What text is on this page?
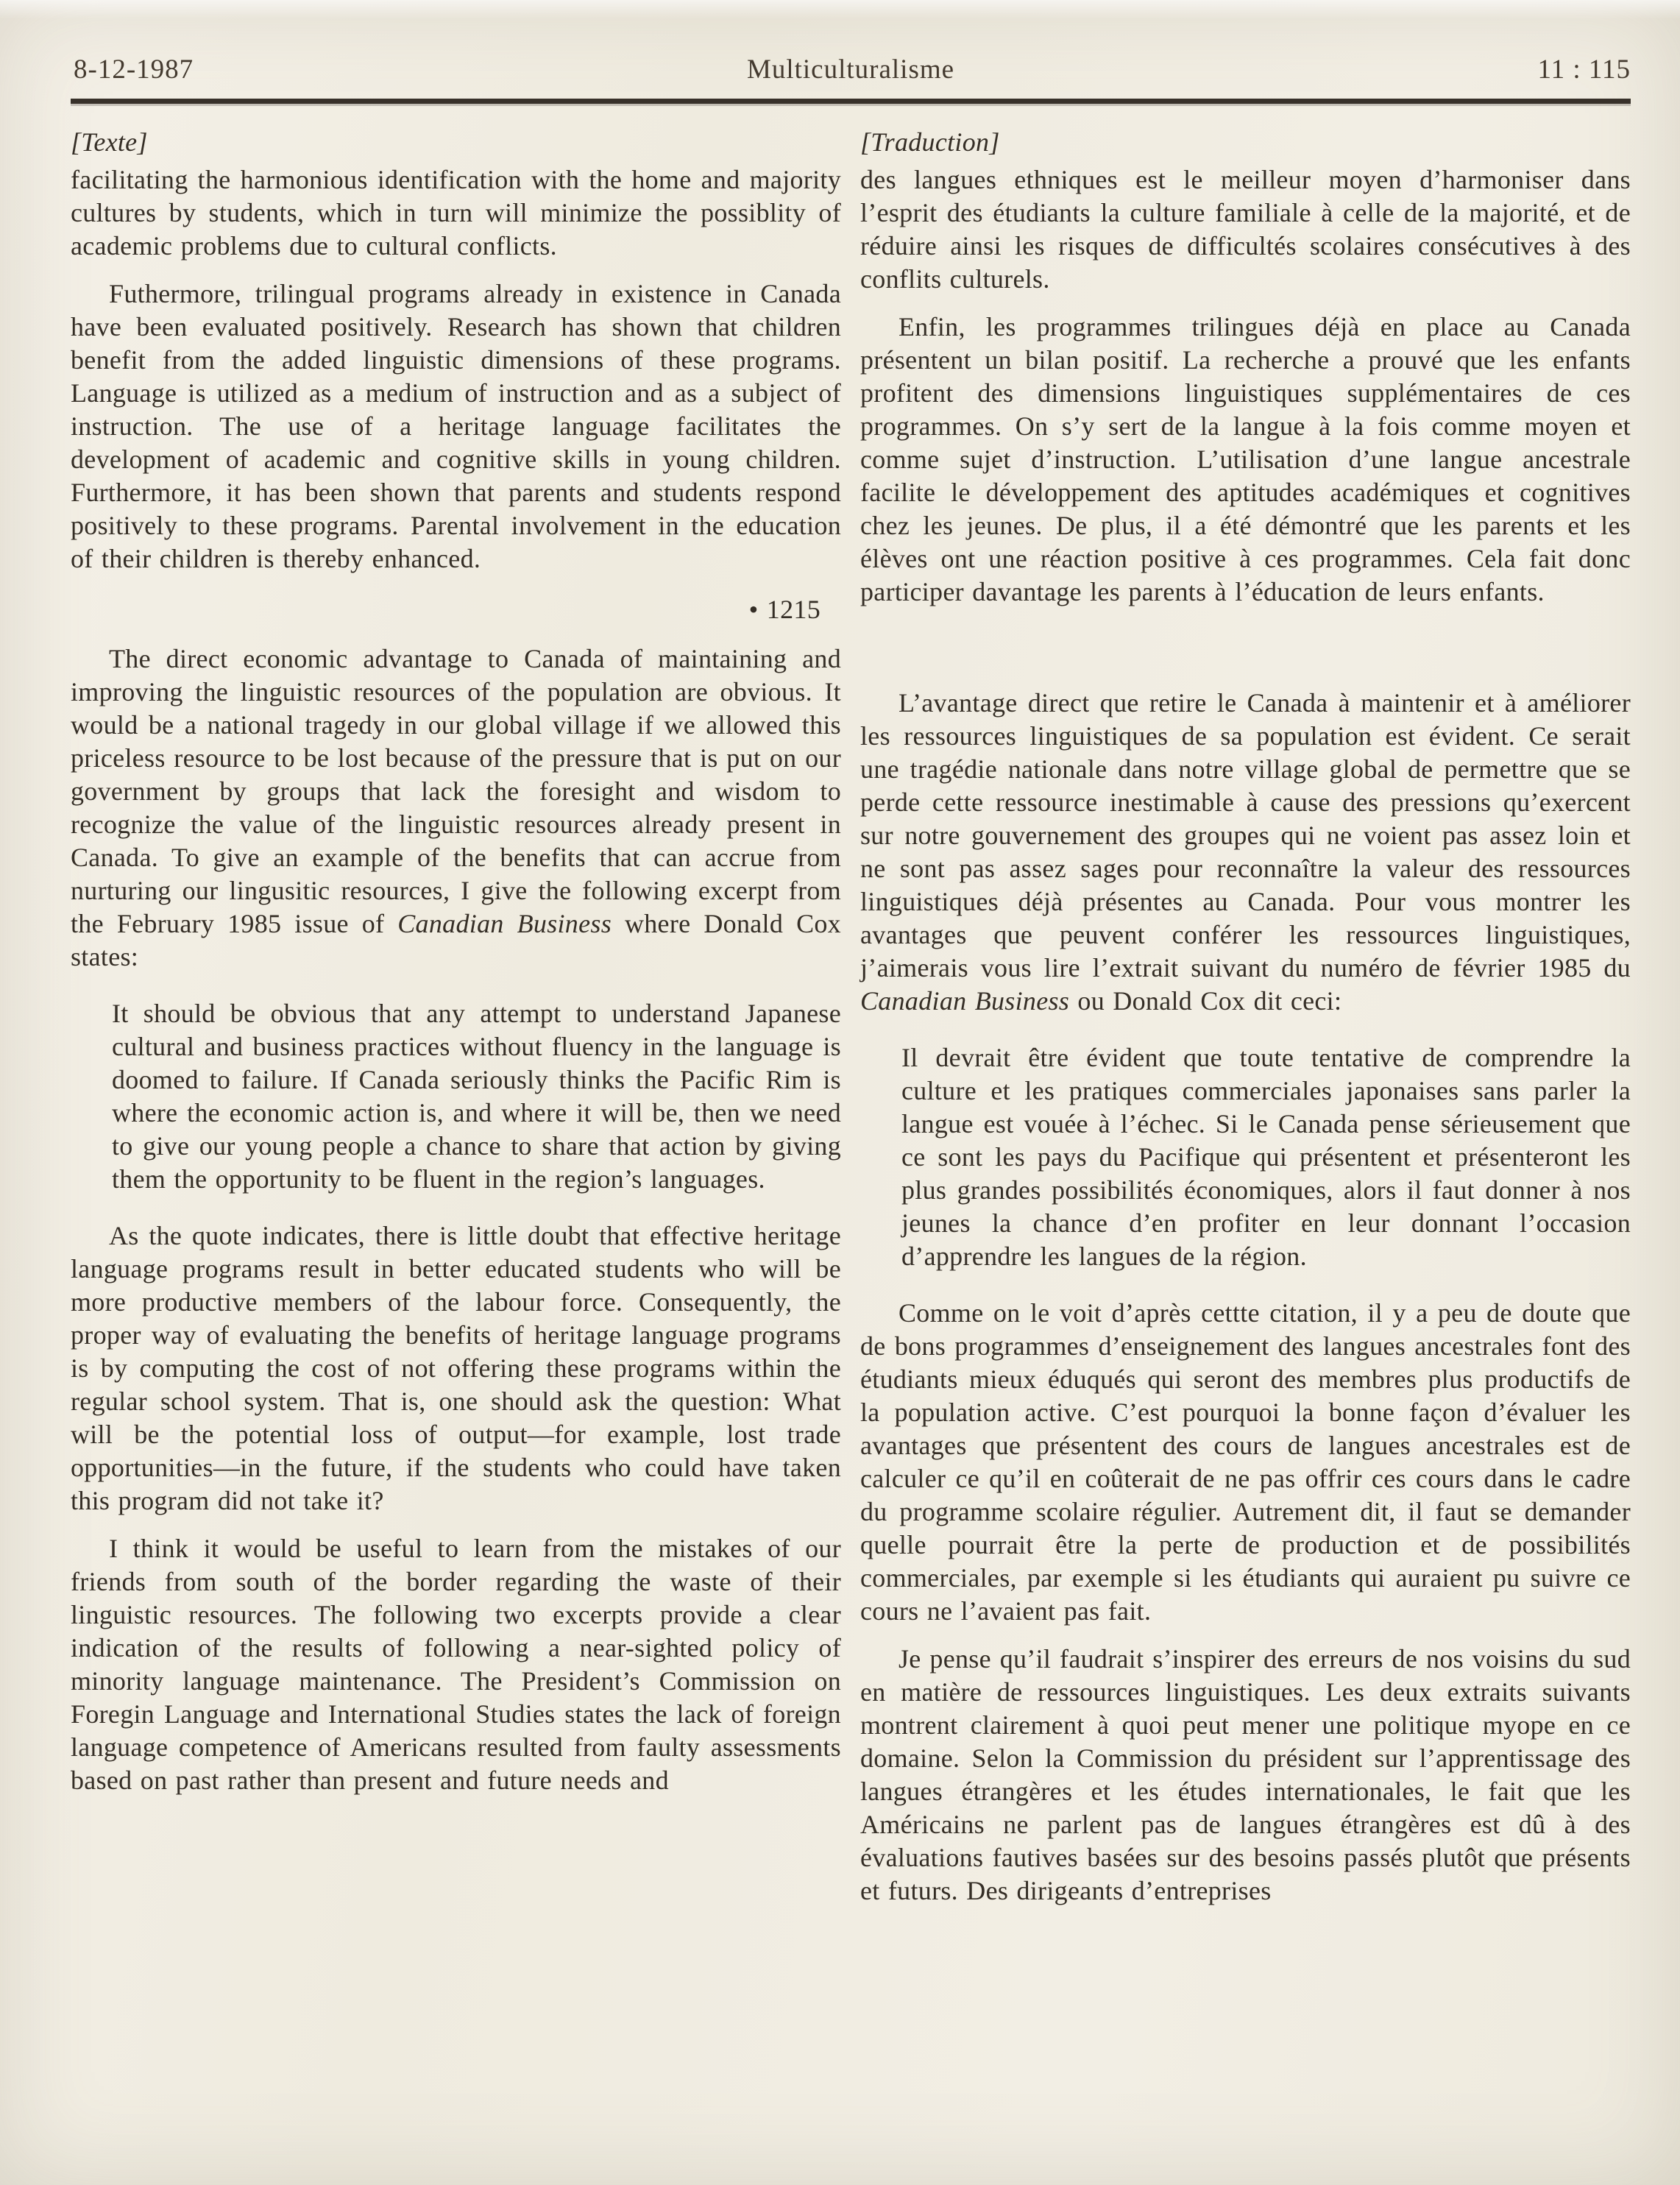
8-12-1987	Multiculturalisme	11 : 115
[Texte]

facilitating the harmonious identification with the home and majority cultures by students, which in turn will minimize the possiblity of academic problems due to cultural conflicts.

Futhermore, trilingual programs already in existence in Canada have been evaluated positively. Research has shown that children benefit from the added linguistic dimensions of these programs. Language is utilized as a medium of instruction and as a subject of instruction. The use of a heritage language facilitates the development of academic and cognitive skills in young children. Furthermore, it has been shown that parents and students respond positively to these programs. Parental involvement in the education of their children is thereby enhanced.

• 1215

The direct economic advantage to Canada of maintaining and improving the linguistic resources of the population are obvious. It would be a national tragedy in our global village if we allowed this priceless resource to be lost because of the pressure that is put on our government by groups that lack the foresight and wisdom to recognize the value of the linguistic resources already present in Canada. To give an example of the benefits that can accrue from nurturing our lingusitic resources, I give the following excerpt from the February 1985 issue of Canadian Business where Donald Cox states:

It should be obvious that any attempt to understand Japanese cultural and business practices without fluency in the language is doomed to failure. If Canada seriously thinks the Pacific Rim is where the economic action is, and where it will be, then we need to give our young people a chance to share that action by giving them the opportunity to be fluent in the region’s languages.

As the quote indicates, there is little doubt that effective heritage language programs result in better educated students who will be more productive members of the labour force. Consequently, the proper way of evaluating the benefits of heritage language programs is by computing the cost of not offering these programs within the regular school system. That is, one should ask the question: What will be the potential loss of output—for example, lost trade opportunities—in the future, if the students who could have taken this program did not take it?

I think it would be useful to learn from the mistakes of our friends from south of the border regarding the waste of their linguistic resources. The following two excerpts provide a clear indication of the results of following a near-sighted policy of minority language maintenance. The President’s Commission on Foregin Language and International Studies states the lack of foreign language competence of Americans resulted from faulty assessments based on past rather than present and future needs and

[Traduction]

des langues ethniques est le meilleur moyen d’harmoniser dans l’esprit des étudiants la culture familiale à celle de la majorité, et de réduire ainsi les risques de difficultés scolaires consécutives à des conflits culturels.

Enfin, les programmes trilingues déjà en place au Canada présentent un bilan positif. La recherche a prouvé que les enfants profitent des dimensions linguistiques supplémentaires de ces programmes. On s’y sert de la langue à la fois comme moyen et comme sujet d’instruction. L’utilisation d’une langue ancestrale facilite le développement des aptitudes académiques et cognitives chez les jeunes. De plus, il a été démontré que les parents et les élèves ont une réaction positive à ces programmes. Cela fait donc participer davantage les parents à l’éducation de leurs enfants.

L’avantage direct que retire le Canada à maintenir et à améliorer les ressources linguistiques de sa population est évident. Ce serait une tragédie nationale dans notre village global de permettre que se perde cette ressource inestimable à cause des pressions qu’exercent sur notre gouvernement des groupes qui ne voient pas assez loin et ne sont pas assez sages pour reconnaître la valeur des ressources linguistiques déjà présentes au Canada. Pour vous montrer les avantages que peuvent conférer les ressources linguistiques, j’aimerais vous lire l’extrait suivant du numéro de février 1985 du Canadian Business ou Donald Cox dit ceci:

Il devrait être évident que toute tentative de comprendre la culture et les pratiques commerciales japonaises sans parler la langue est vouée à l’échec. Si le Canada pense sérieusement que ce sont les pays du Pacifique qui présentent et présenteront les plus grandes possibilités économiques, alors il faut donner à nos jeunes la chance d’en profiter en leur donnant l’occasion d’apprendre les langues de la région.

Comme on le voit d’après cettte citation, il y a peu de doute que de bons programmes d’enseignement des langues ancestrales font des étudiants mieux éduqués qui seront des membres plus productifs de la population active. C’est pourquoi la bonne façon d’évaluer les avantages que présentent des cours de langues ancestrales est de calculer ce qu’il en coûterait de ne pas offrir ces cours dans le cadre du programme scolaire régulier. Autrement dit, il faut se demander quelle pourrait être la perte de production et de possibilités commerciales, par exemple si les étudiants qui auraient pu suivre ce cours ne l’avaient pas fait.

Je pense qu’il faudrait s’inspirer des erreurs de nos voisins du sud en matière de ressources linguistiques. Les deux extraits suivants montrent clairement à quoi peut mener une politique myope en ce domaine. Selon la Commission du président sur l’apprentissage des langues étrangères et les études internationales, le fait que les Américains ne parlent pas de langues étrangères est dû à des évaluations fautives basées sur des besoins passés plutôt que présents et futurs. Des dirigeants d’entreprises
